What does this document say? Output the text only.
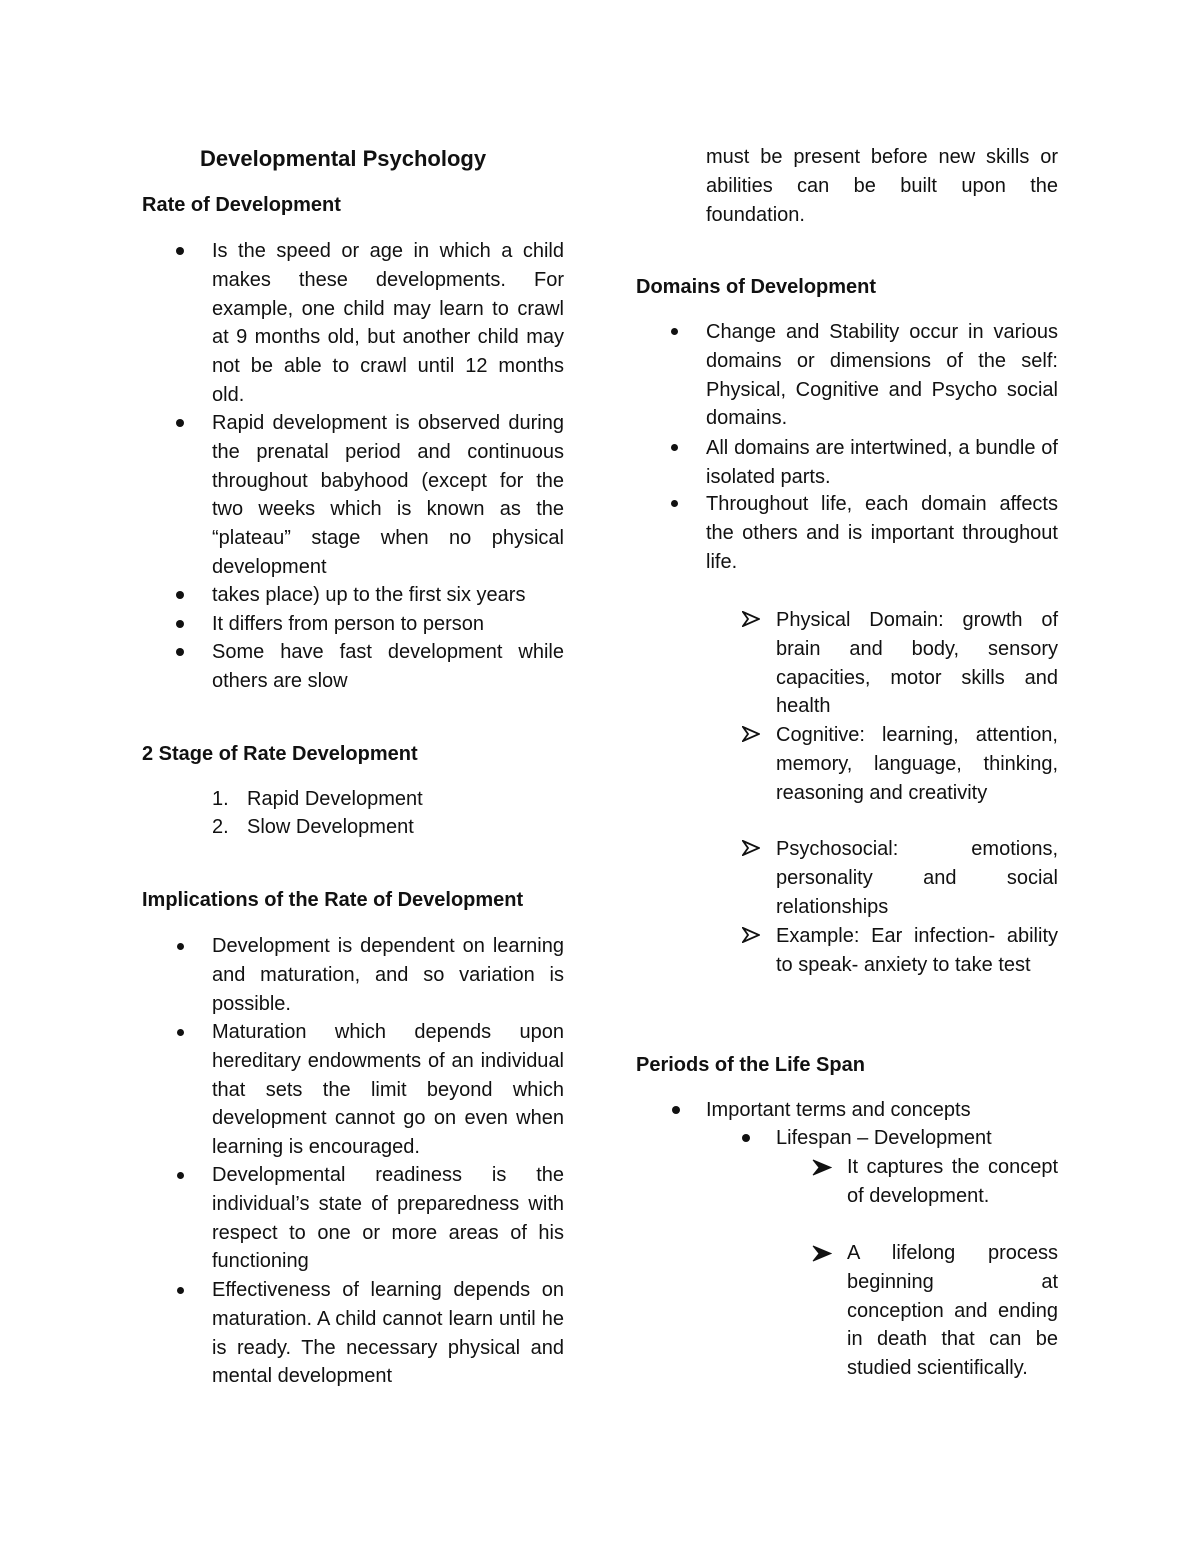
Developmental Psychology
Rate of Development

Is the speed or age in which a child makes these developments. For example, one child may learn to crawl at 9 months old, but another child may not be able to crawl until 12 months old.

Rapid development is observed during the prenatal period and continuous throughout babyhood (except for the two weeks which is known as the “plateau” stage when no physical development

takes place) up to the first six years

It differs from person to person

Some have fast development while others are slow

2 Stage of Rate Development
1. Rapid Development

2. Slow Development

Implications of the Rate of Development

Development is dependent on learning and maturation, and so variation is possible.

Maturation which depends upon hereditary endowments of an individual that sets the limit beyond which development cannot go on even when learning is encouraged.

Developmental readiness is the individual’s state of preparedness with respect to one or more areas of his functioning

Effectiveness of learning depends on maturation. A child cannot learn until he is ready. The necessary physical and mental development

must be present before new skills or abilities can be built upon the foundation.

Domains of Development

Change and Stability occur in various domains or dimensions of the self: Physical, Cognitive and Psycho social domains.

All domains are intertwined, a bundle of isolated parts.

Throughout life, each domain affects the others and is important throughout life.

Physical Domain: growth of brain and body, sensory capacities, motor skills and health

Cognitive: learning, attention, memory, language, thinking, reasoning and creativity

Psychosocial: emotions, personality and social relationships

Example: Ear infection- ability to speak- anxiety to take test

Periods of the Life Span

Important terms and concepts

Lifespan – Development

It captures the concept of development.

A lifelong process beginning at conception and ending in death that can be studied scientifically.
